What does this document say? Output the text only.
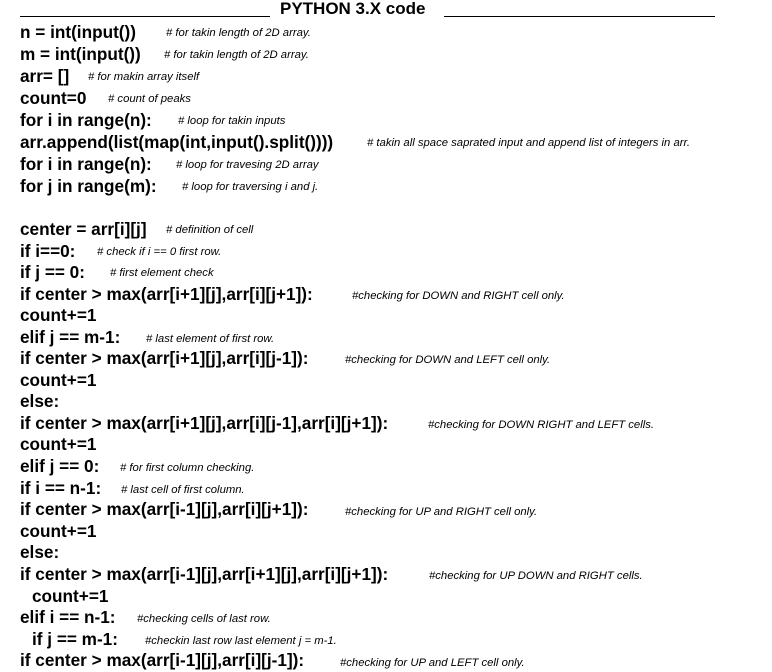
PYTHON 3.X code
n = int(input())	# for takin length of 2D array.
m = int(input()) # for takin length of 2D array.
arr= [] # for makin array itself
count=0 # count of peaks
for i in range(n): # loop for takin inputs
arr.append(list(map(int,input().split())))	# takin all space saprated input and append list of integers in arr.
for i in range(n): # loop for travesing 2D array
for j in range(m): # loop for traversing i and j.
center = arr[i][j] # definition of cell
if i==0: # check if i == 0 first row.
if j == 0: # first element check
if center > max(arr[i+1][j],arr[i][j+1]):	#checking for DOWN and RIGHT cell only.
count+=1
elif j == m-1: # last element of first row.
if center > max(arr[i+1][j],arr[i][j-1]):	#checking for DOWN and LEFT cell only.
count+=1
else:
if center > max(arr[i+1][j],arr[i][j-1],arr[i][j+1]):	#checking for DOWN RIGHT and LEFT cells.
count+=1
elif j == 0: # for first column checking.
if i == n-1: # last cell of first column.
if center > max(arr[i-1][j],arr[i][j+1]):	#checking for UP and RIGHT cell only.
count+=1
else:
if center > max(arr[i-1][j],arr[i+1][j],arr[i][j+1]):	#checking for UP DOWN and RIGHT cells.
count+=1
elif i == n-1: #checking cells of last row.
if j == m-1: #checkin last row last element j = m-1.
if center > max(arr[i-1][j],arr[i][j-1]):	#checking for UP and LEFT cell only.
